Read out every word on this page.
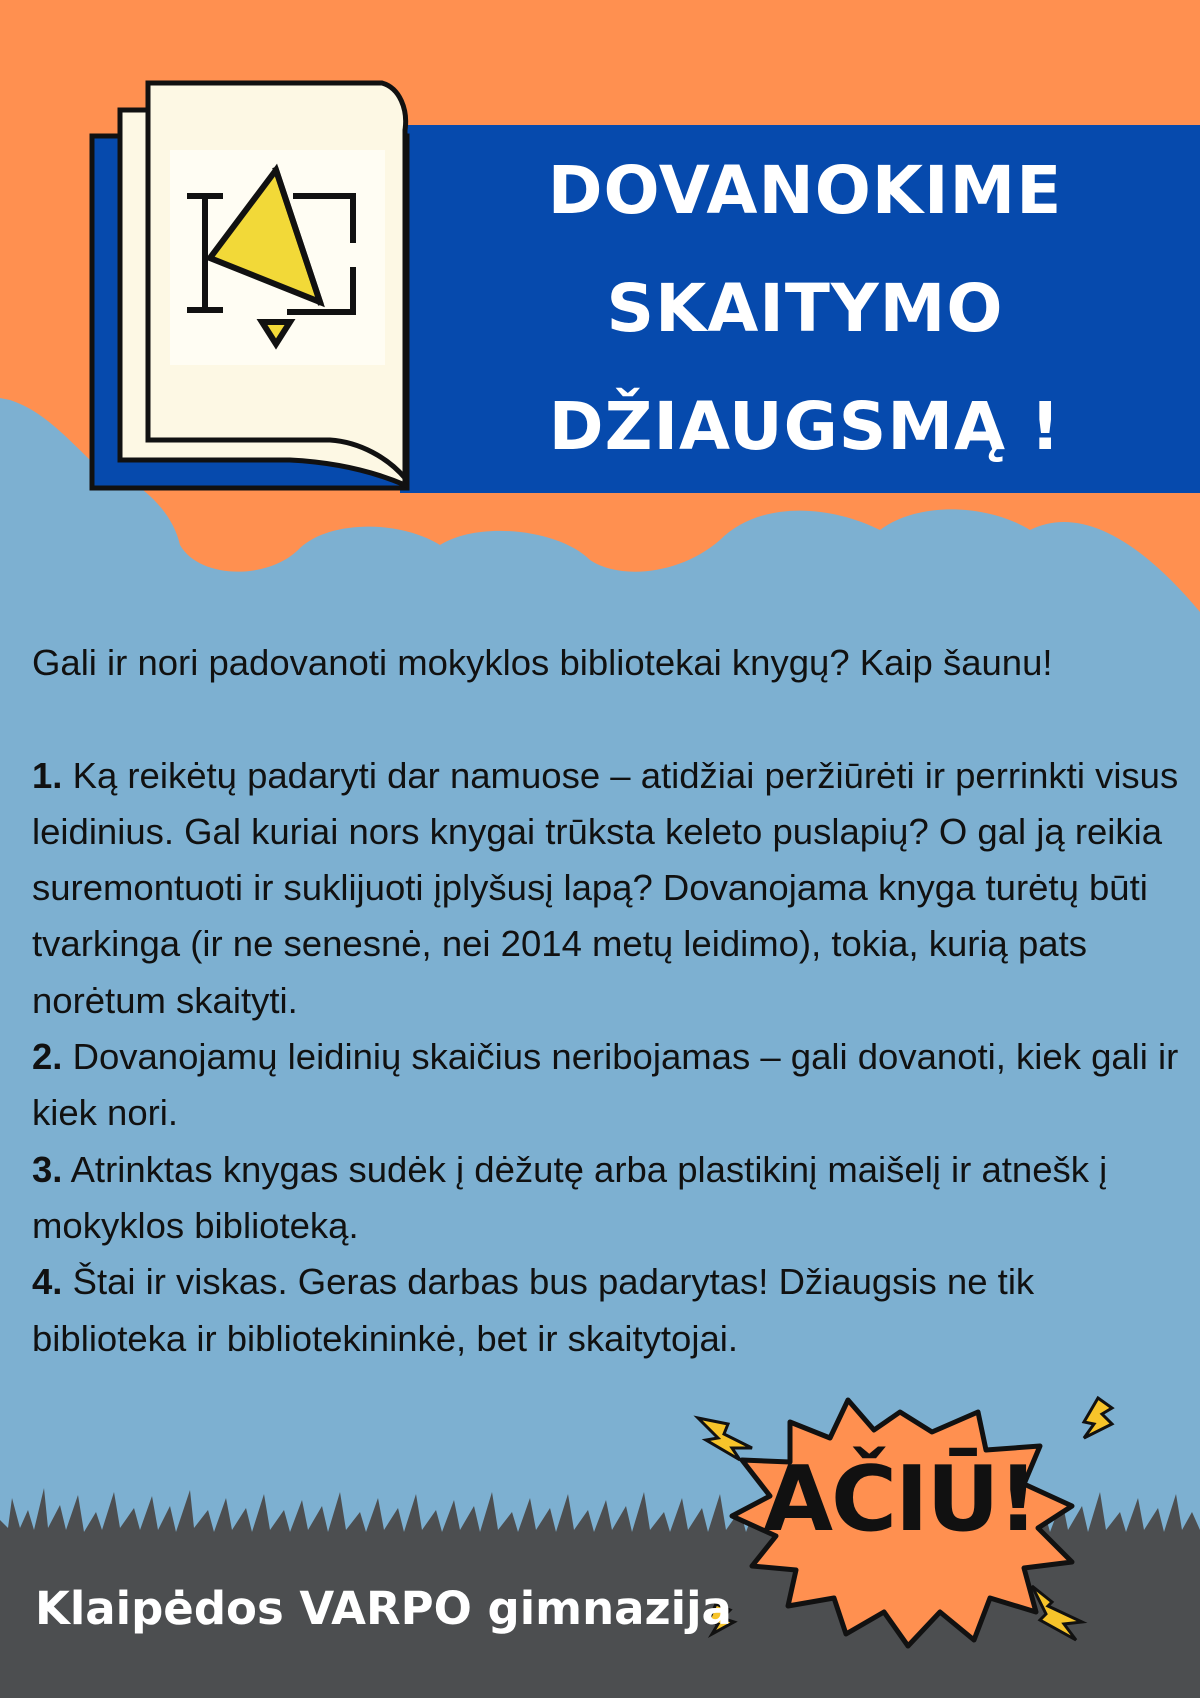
DOVANOKIME
SKAITYMO
DŽIAUGSMĄ !

Gali ir nori padovanoti mokyklos bibliotekai knygų? Kaip šaunu!

1. Ką reikėtų padaryti dar namuose – atidžiai peržiūrėti ir perrinkti visus leidinius. Gal kuriai nors knygai trūksta keleto puslapių? O gal ją reikia suremontuoti ir suklijuoti įplyšusį lapą? Dovanojama knyga turėtų būti tvarkinga (ir ne senesnė, nei 2014 metų leidimo), tokia, kurią pats norėtum skaityti.

2. Dovanojamų leidinių skaičius neribojamas – gali dovanoti, kiek gali ir kiek nori.

3. Atrinktas knygas sudėk į dėžutę arba plastikinį maišelį ir atnešk į mokyklos biblioteką.

4. Štai ir viskas. Geras darbas bus padarytas! Džiaugsis ne tik biblioteka ir bibliotekininkė, bet ir skaitytojai.

AČIŪ!
Klaipėdos VARPO gimnazija
